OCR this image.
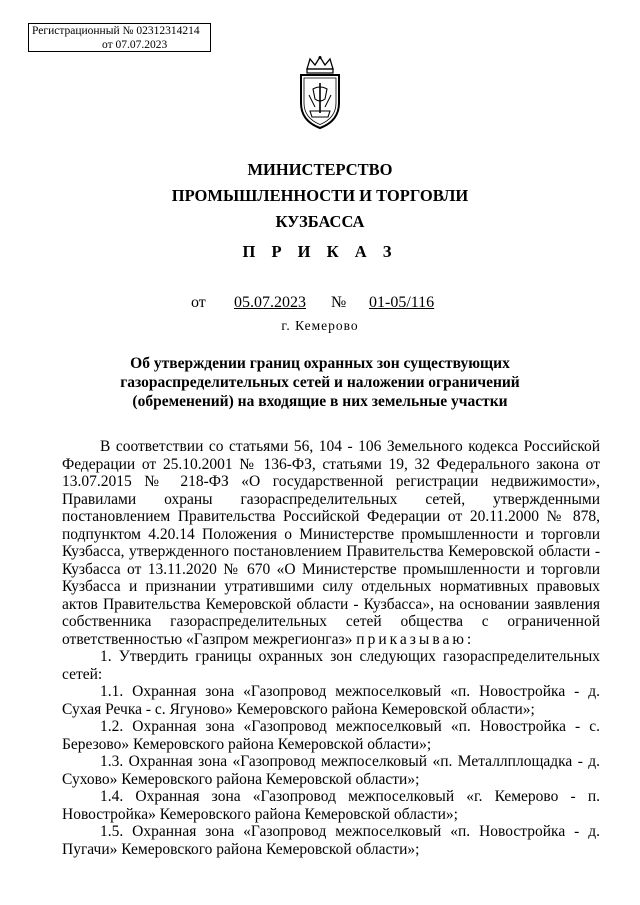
Регистрационный № 02312314214
от 07.07.2023
МИНИСТЕРСТВО
ПРОМЫШЛЕННОСТИ И ТОРГОВЛИ
КУЗБАССА
П Р И К А З
от 05.07.2023 № 01-05/116
г. Кемерово
Об утверждении границ охранных зон существующих газораспределительных сетей и наложении ограничений (обременений) на входящие в них земельные участки

В соответствии со статьями 56, 104 - 106 Земельного кодекса Российской Федерации от 25.10.2001 № 136-ФЗ, статьями 19, 32 Федерального закона от 13.07.2015 № 218-ФЗ «О государственной регистрации недвижимости», Правилами охраны газораспределительных сетей, утвержденными постановлением Правительства Российской Федерации от 20.11.2000 № 878, подпунктом 4.20.14 Положения о Министерстве промышленности и торговли Кузбасса, утвержденного постановлением Правительства Кемеровской области - Кузбасса от 13.11.2020 № 670 «О Министерстве промышленности и торговли Кузбасса и признании утратившими силу отдельных нормативных правовых актов Правительства Кемеровской области - Кузбасса», на основании заявления собственника газораспределительных сетей общества с ограниченной ответственностью «Газпром межрегионгаз» приказываю:

1. Утвердить границы охранных зон следующих газораспределительных сетей:

1.1. Охранная зона «Газопровод межпоселковый «п. Новостройка - д. Сухая Речка - с. Ягуново» Кемеровского района Кемеровской области»;

1.2. Охранная зона «Газопровод межпоселковый «п. Новостройка - с. Березово» Кемеровского района Кемеровской области»;

1.3. Охранная зона «Газопровод межпоселковый «п. Металлплощадка - д. Сухово» Кемеровского района Кемеровской области»;

1.4. Охранная зона «Газопровод межпоселковый «г. Кемерово - п. Новостройка» Кемеровского района Кемеровской области»;

1.5. Охранная зона «Газопровод межпоселковый «п. Новостройка - д. Пугачи» Кемеровского района Кемеровской области»;
